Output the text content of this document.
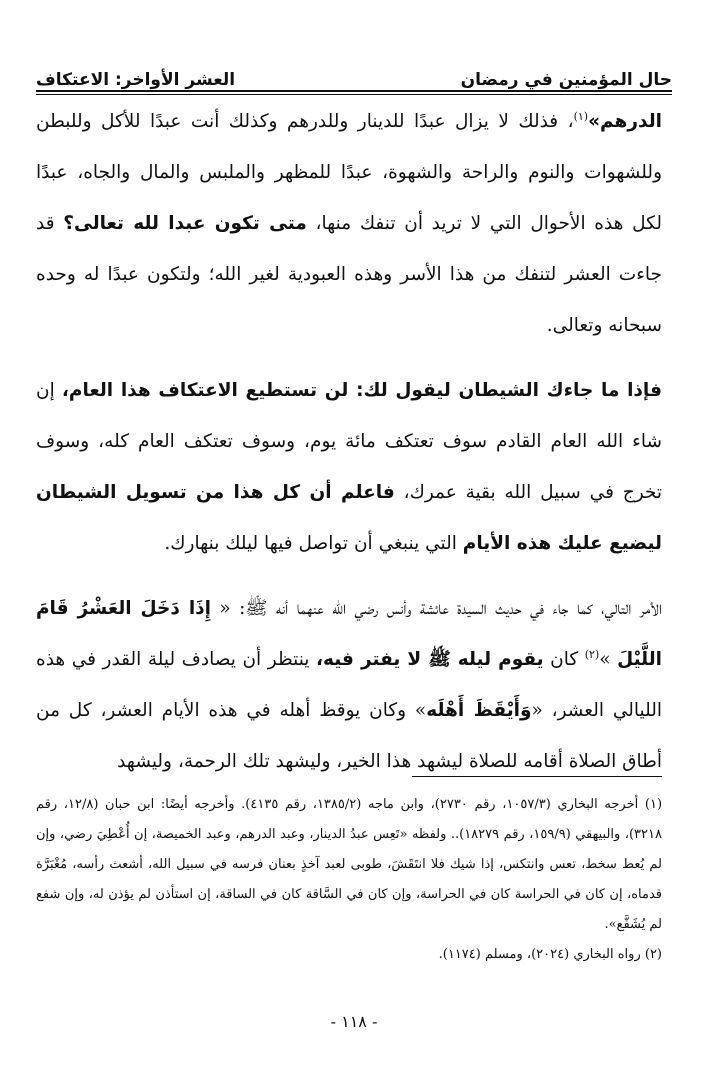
حال المؤمنين في رمضان
العشر الأواخر: الاعتكاف

الدرهم»$^{(١)}$، فذلك لا يزال عبدًا للدينار وللدرهم وكذلك أنت عبدًا للأكل وللبطن وللشهوات والنوم والراحة والشهوة، عبدًا للمظهر والملبس والمال والجاه، عبدًا لكل هذه الأحوال التي لا تريد أن تنفك منها، متى تكون عبدا لله تعالى؟ قد جاءت العشر لتنفك من هذا الأسر وهذه العبودية لغير الله؛ ولتكون عبدًا له وحده سبحانه وتعالى.

فإذا ما جاءك الشيطان ليقول لك: لن تستطيع الاعتكاف هذا العام، إن شاء الله العام القادم سوف تعتكف مائة يوم، وسوف تعتكف العام كله، وسوف تخرج في سبيل الله بقية عمرك، فاعلم أن كل هذا من تسويل الشيطان ليضيع عليك هذه الأيام التي ينبغي أن تواصل فيها ليلك بنهارك.

الأمر التالي، كما جاء في حديث السيدة عائشة وأنس رضي الله عنهما أنه ﷺ: « إِذَا دَخَلَ العَشْرُ قَامَ اللَّيْلَ »$^{(٢)}$ كان يقوم ليله ﷺ لا يفتر فيه، ينتظر أن يصادف ليلة القدر في هذه الليالي العشر، «وَأَيْقَظَ أَهْلَه» وكان يوقظ أهله في هذه الأيام العشر، كل من أطاق الصلاة أقامه للصلاة ليشهد هذا الخير، وليشهد تلك الرحمة، وليشهد

(١) أخرجه البخاري (١٠٥٧/٣، رقم ٢٧٣٠)، وابن ماجه (١٣٨٥/٢، رقم ٤١٣٥). وأخرجه أيضًا: ابن حبان (١٢/٨، رقم ٣٢١٨)، والبيهقي (١٥٩/٩، رقم ١٨٢٧٩).. ولفظه «تَعِس عبدُ الدينار، وعبد الدرهم، وعبد الخميصة، إن أُعْطِيَ رضي، وإن لم يُعط سخط، تعس وانتكس، إذا شيك فلا انتَقَشَ، طوبى لعبد آخذٍ بعنان فرسه في سبيل الله، أشعث رأسه، مُغْبَرَّة قدماه، إن كان في الحراسة كان في الحراسة، وإن كان في السَّاقة كان في الساقة، إن استأذن لم يؤذن له، وإن شفع لم يُشَفَّع».

(٢) رواه البخاري (٢٠٢٤)، ومسلم (١١٧٤).

- ١١٨ -
